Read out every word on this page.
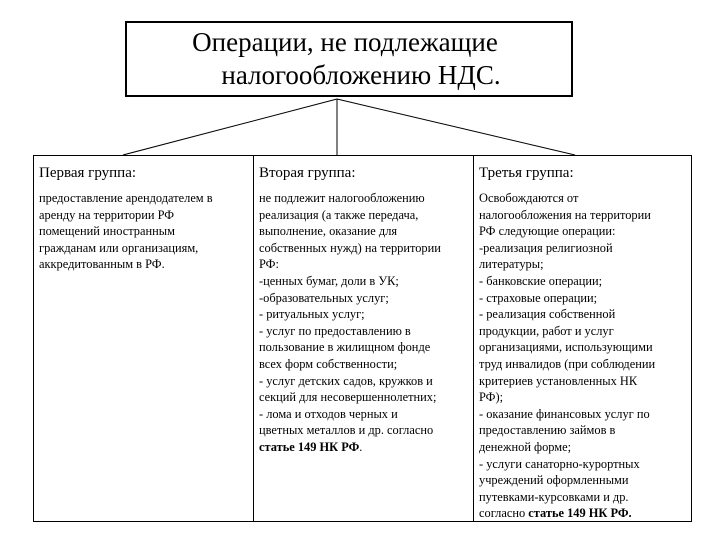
Операции, не подлежащие
налогообложению НДС.
Первая группа:
предоставление арендодателем в
аренду на территории РФ
помещений иностранным
гражданам или организациям,
аккредитованным в РФ.
Вторая группа:
не подлежит налогообложению
реализация (а также передача,
выполнение, оказание для
собственных нужд) на территории
РФ:
-ценных бумаг, доли в УК;
-образовательных услуг;
- ритуальных услуг;
- услуг по предоставлению в
пользование в жилищном фонде
всех форм собственности;
- услуг детских садов, кружков и
секций для несовершеннолетних;
- лома и отходов черных и
цветных металлов и др. согласно
статье 149 НК РФ.
Третья группа:
Освобождаются от
налогообложения на территории
РФ следующие операции:
-реализация религиозной
литературы;
- банковские операции;
- страховые операции;
- реализация собственной
продукции, работ и услуг
организациями, использующими
труд инвалидов (при соблюдении
критериев установленных НК
РФ);
- оказание финансовых услуг по
предоставлению займов в
денежной форме;
- услуги санаторно-курортных
учреждений оформленными
путевками-курсовками и др.
согласно статье 149 НК РФ.
